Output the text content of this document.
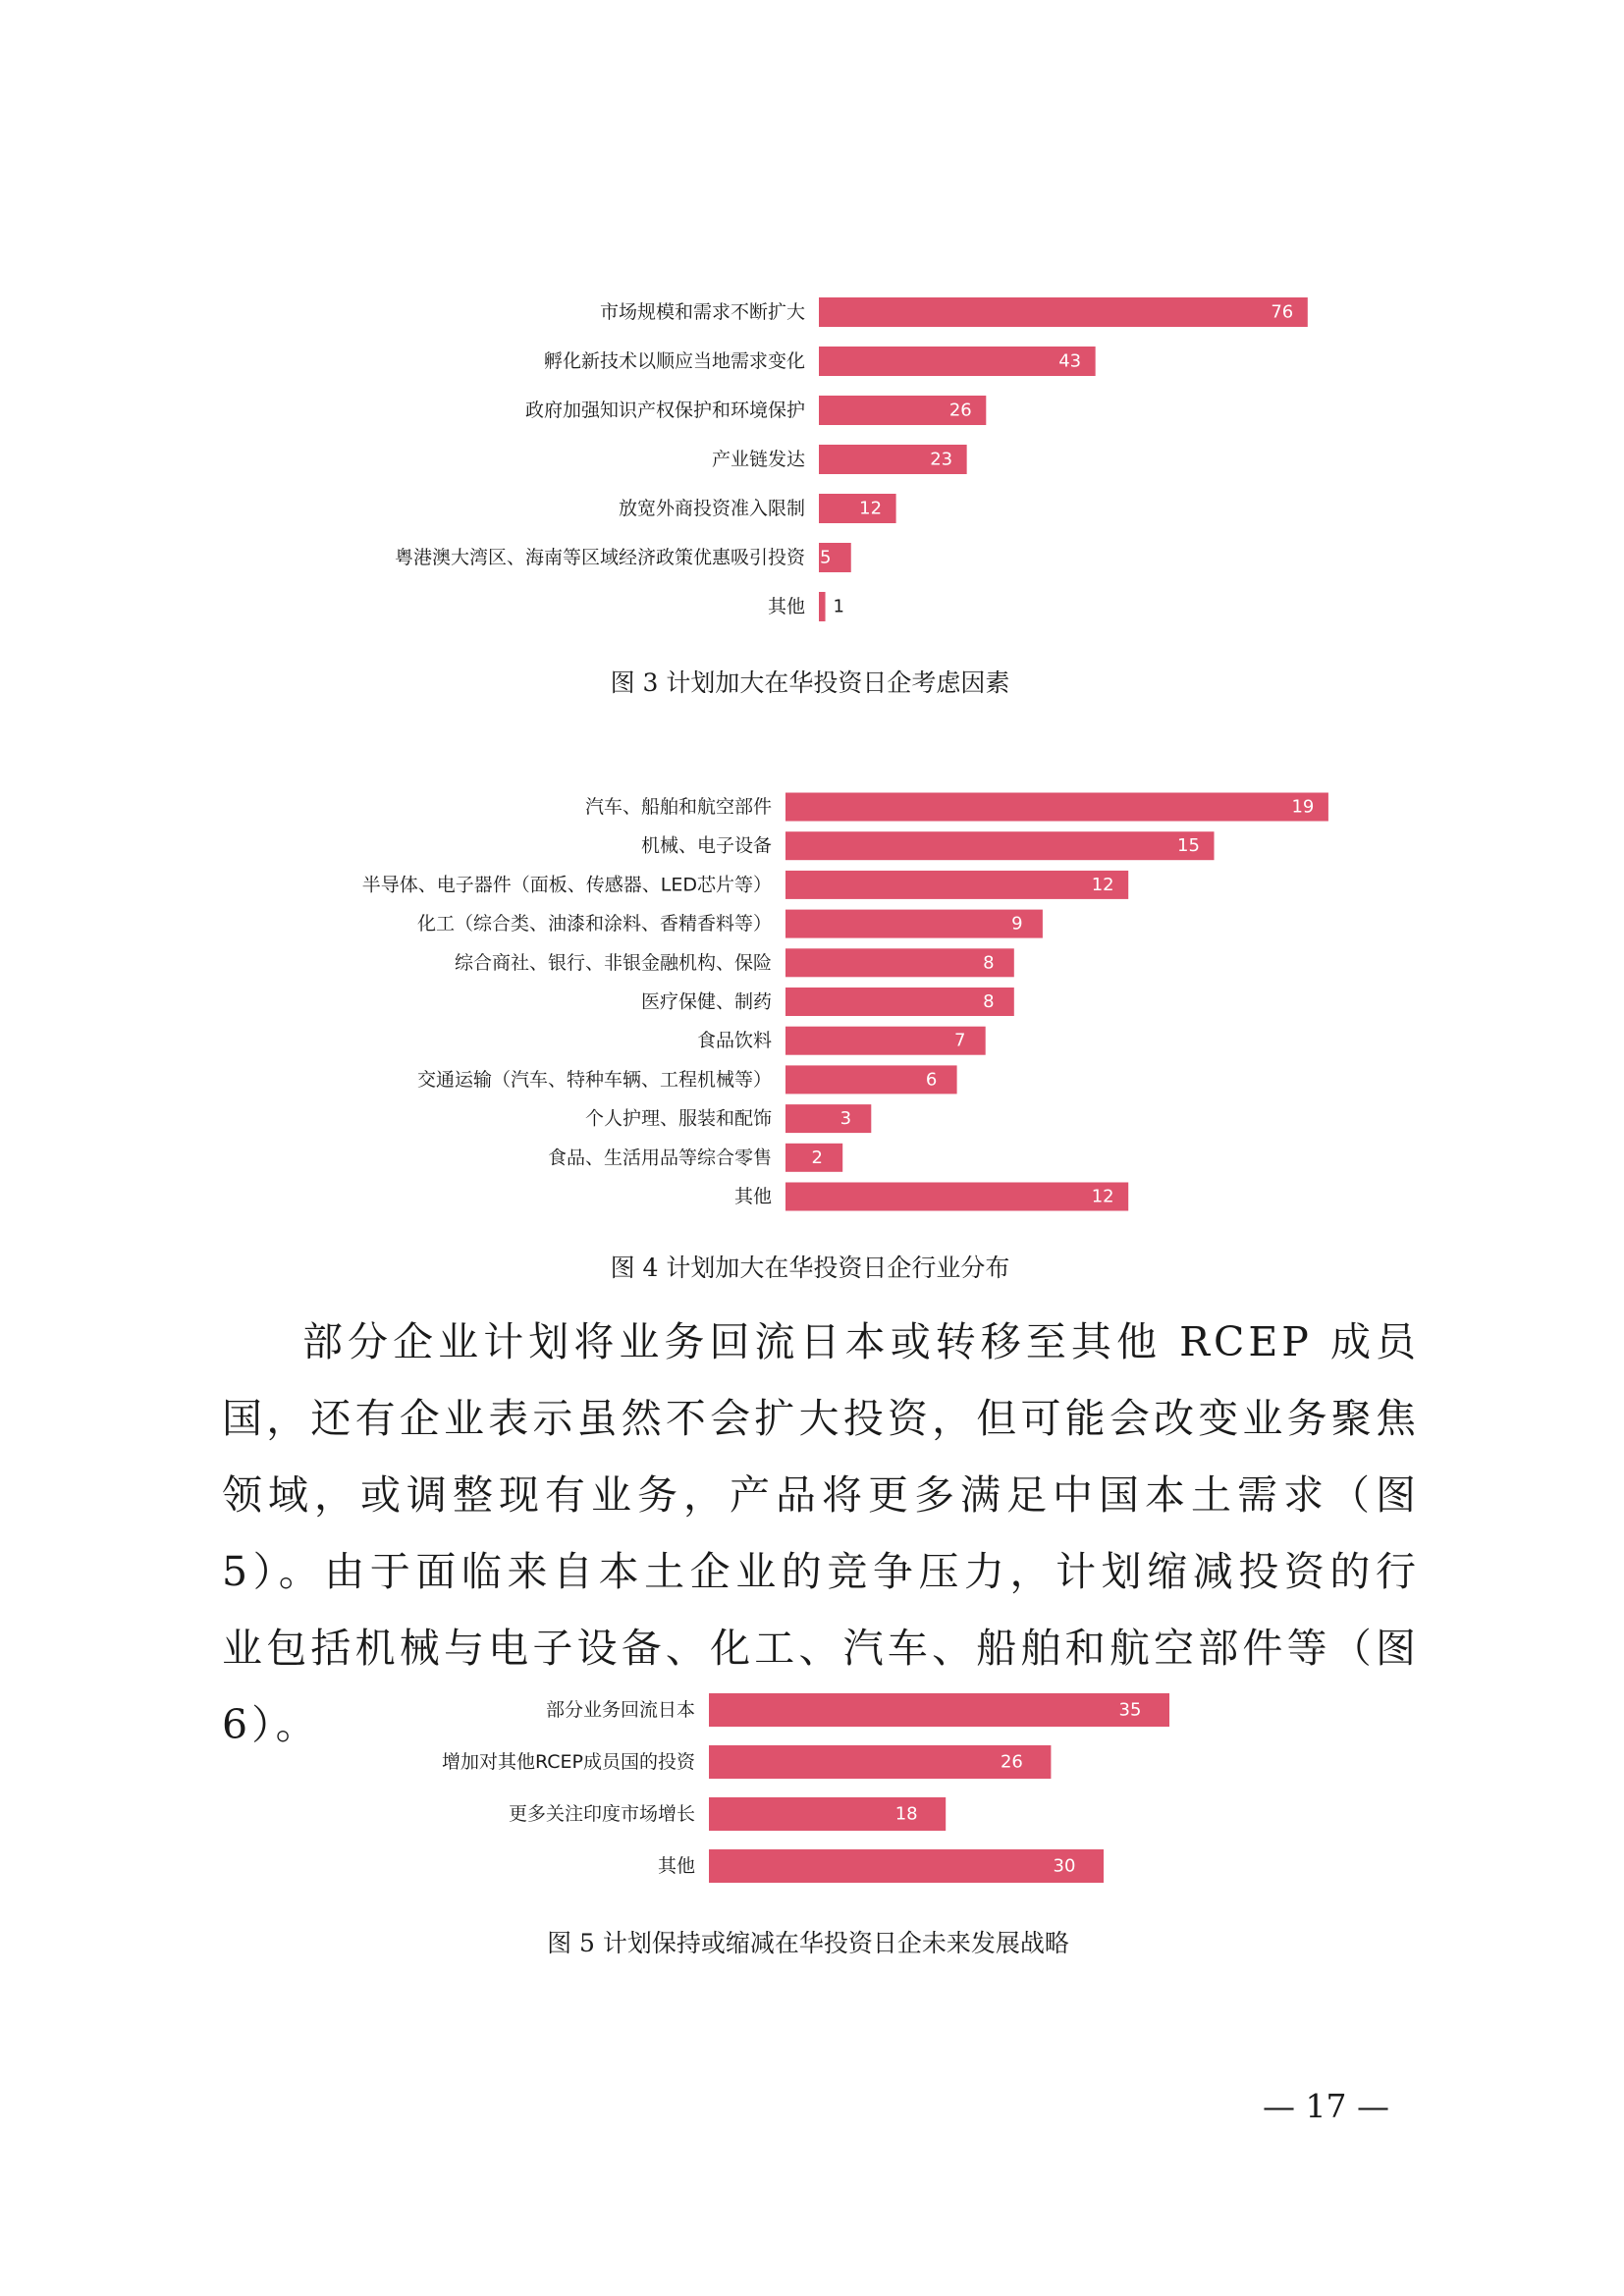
市场规模和需求不断扩大	76
孵化新技术以顺应当地需求变化	43
政府加强知识产权保护和环境保护	26
产业链发达	23
放宽外商投资准入限制	12
粤港澳大湾区、海南等区域经济政策优惠吸引投资 5
其他 1

图 3 计划加大在华投资日企考虑因素

汽车、船舶和航空部件	19
机械、电子设备	15
半导体、电子器件（面板、传感器、LED芯片等）	12
化工（综合类、油漆和涂料、香精香料等）	9
综合商社、银行、非银金融机构、保险	8
医疗保健、制药	8
食品饮料	7
交通运输（汽车、特种车辆、工程机械等）	6
个人护理、服装和配饰	3
食品、生活用品等综合零售 2
其他	12

图 4 计划加大在华投资日企行业分布

部分企业计划将业务回流日本或转移至其他 RCEP 成员国，还有企业表示虽然不会扩大投资，但可能会改变业务聚焦领域，或调整现有业务，产品将更多满足中国本土需求（图 5）。由于面临来自本土企业的竞争压力，计划缩减投资的行业包括机械与电子设备、化工、汽车、船舶和航空部件等（图 6）。	部分业务回流日本	35
增加对其他RCEP成员国的投资	26
更多关注印度市场增长	18
其他	30

图 5 计划保持或缩减在华投资日企未来发展战略

— 17 —
